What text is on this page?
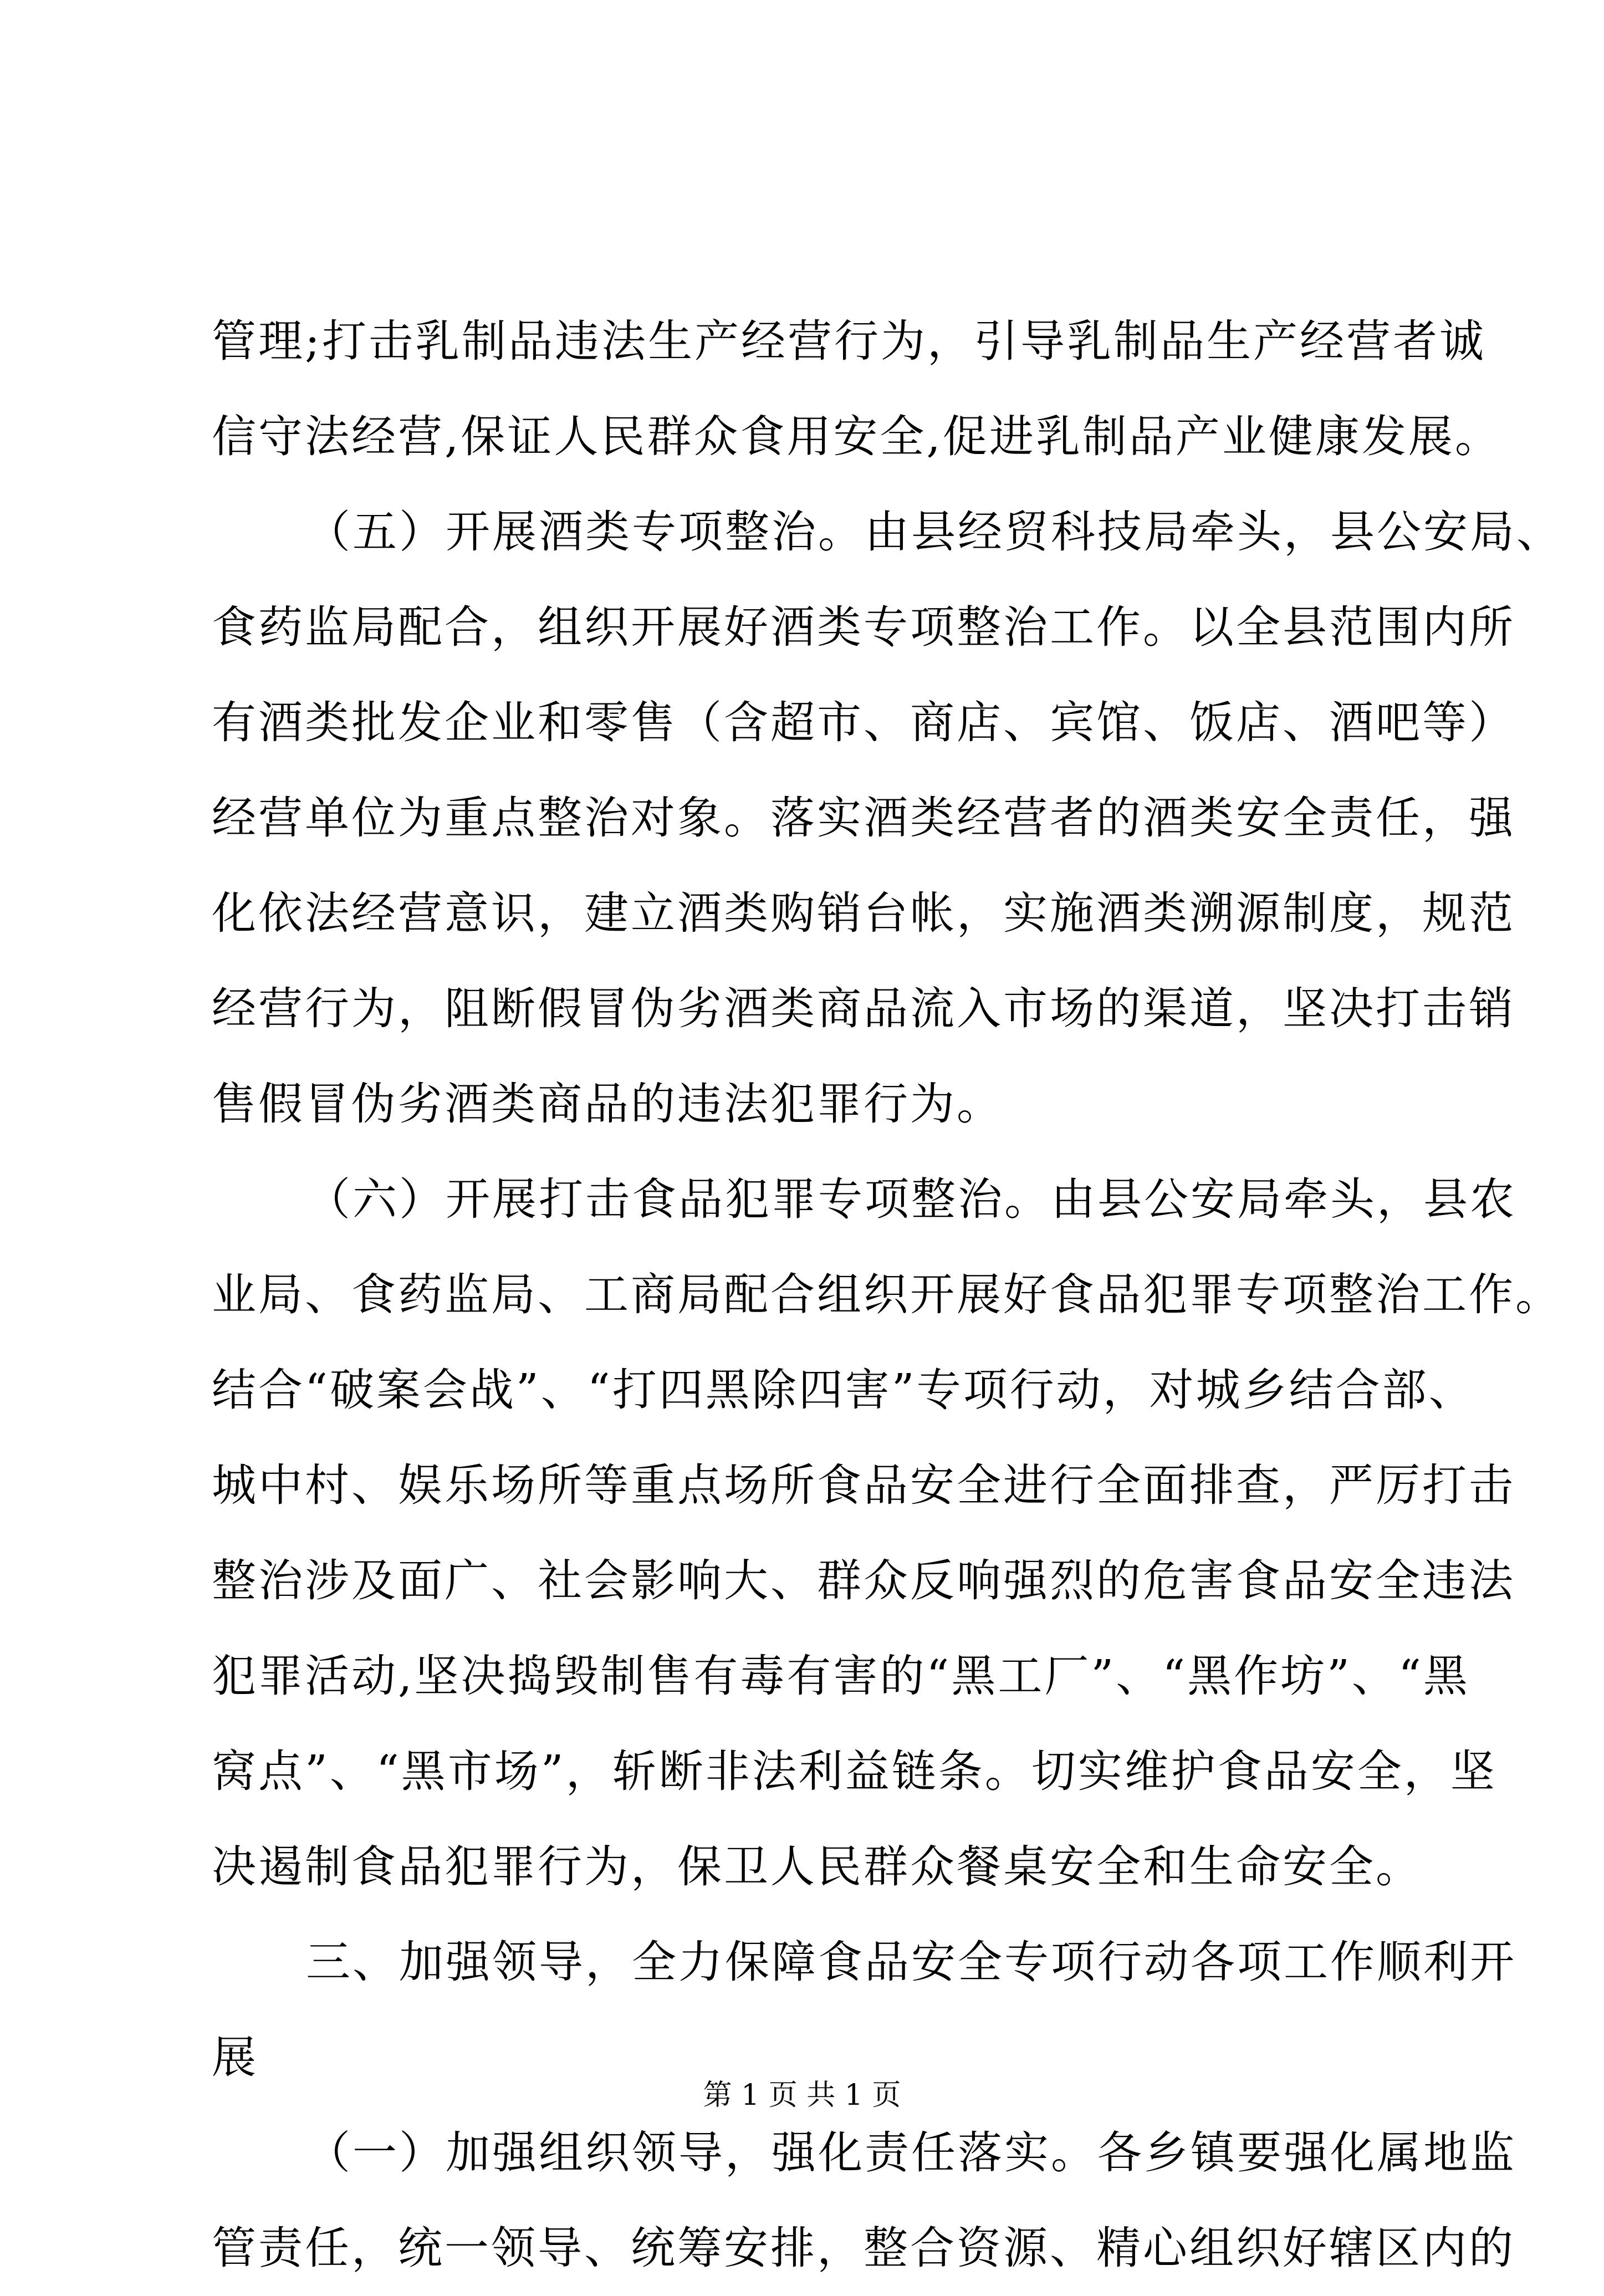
管理;打击乳制品违法生产经营行为，引导乳制品生产经营者诚
信守法经营,保证人民群众食用安全,促进乳制品产业健康发展。
（五）开展酒类专项整治。由县经贸科技局牵头，县公安局、
食药监局配合，组织开展好酒类专项整治工作。以全县范围内所
有酒类批发企业和零售（含超市、商店、宾馆、饭店、酒吧等）
经营单位为重点整治对象。落实酒类经营者的酒类安全责任，强
化依法经营意识，建立酒类购销台帐，实施酒类溯源制度，规范
经营行为，阻断假冒伪劣酒类商品流入市场的渠道，坚决打击销
售假冒伪劣酒类商品的违法犯罪行为。
（六）开展打击食品犯罪专项整治。由县公安局牵头，县农
业局、食药监局、工商局配合组织开展好食品犯罪专项整治工作。
结合“破案会战”、“打四黑除四害”专项行动，对城乡结合部、
城中村、娱乐场所等重点场所食品安全进行全面排查，严厉打击
整治涉及面广、社会影响大、群众反响强烈的危害食品安全违法
犯罪活动,坚决捣毁制售有毒有害的“黑工厂”、“黑作坊”、“黑
窝点”、“黑市场”，斩断非法利益链条。切实维护食品安全，坚
决遏制食品犯罪行为，保卫人民群众餐桌安全和生命安全。
三、加强领导，全力保障食品安全专项行动各项工作顺利开
展
（一）加强组织领导，强化责任落实。各乡镇要强化属地监
管责任，统一领导、统筹安排，整合资源、精心组织好辖区内的
第 1 页 共 1 页
